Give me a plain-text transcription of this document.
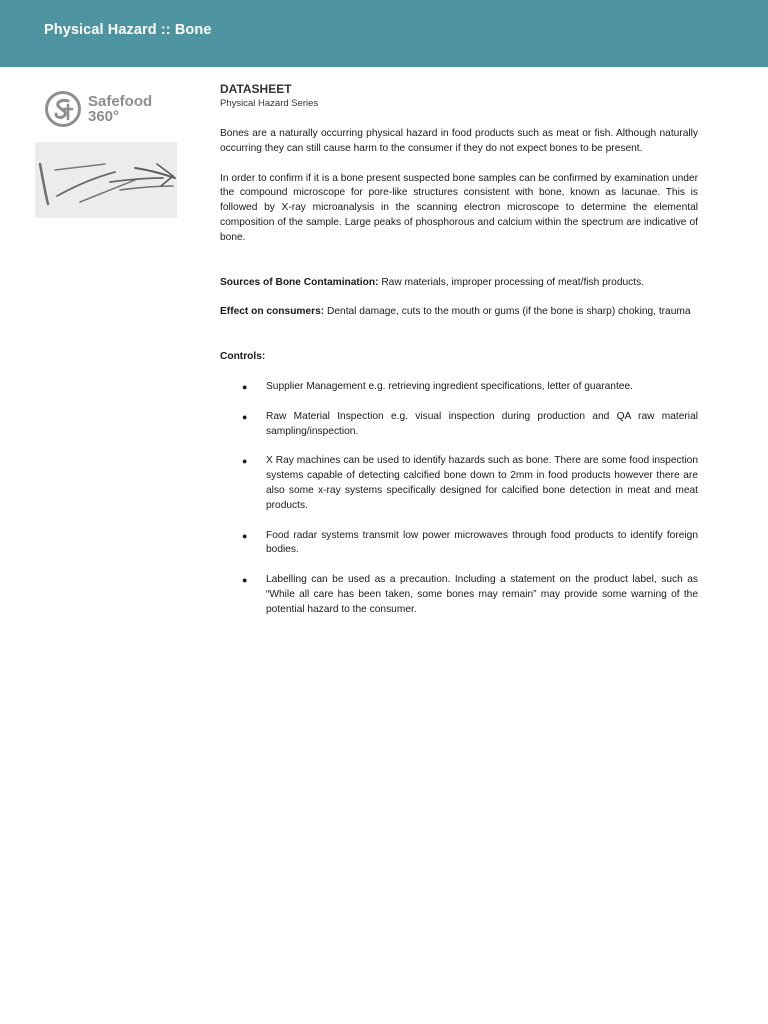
Physical Hazard :: Bone
Safefood
360°
DATASHEET
Physical Hazard Series

Bones are a naturally occurring physical hazard in food products such as meat or fish. Although naturally occurring they can still cause harm to the consumer if they do not expect bones to be present.

In order to confirm if it is a bone present suspected bone samples can be confirmed by examination under the compound microscope for pore-like structures consistent with bone, known as lacunae. This is followed by X-ray microanalysis in the scanning electron microscope to determine the elemental composition of the sample. Large peaks of phosphorous and calcium within the spectrum are indicative of bone.

Sources of Bone Contamination: Raw materials, improper processing of meat/fish products.

Effect on consumers: Dental damage, cuts to the mouth or gums (if the bone is sharp) choking, trauma

Controls:

● Supplier Management e.g. retrieving ingredient specifications, letter of guarantee.
● Raw Material Inspection e.g. visual inspection during production and QA raw material sampling/inspection.
● X Ray machines can be used to identify hazards such as bone. There are some food inspection systems capable of detecting calcified bone down to 2mm in food products however there are also some x-ray systems specifically designed for calcified bone detection in meat and meat products.
● Food radar systems transmit low power microwaves through food products to identify foreign bodies.
● Labelling can be used as a precaution. Including a statement on the product label, such as “While all care has been taken, some bones may remain” may provide some warning of the potential hazard to the consumer.
